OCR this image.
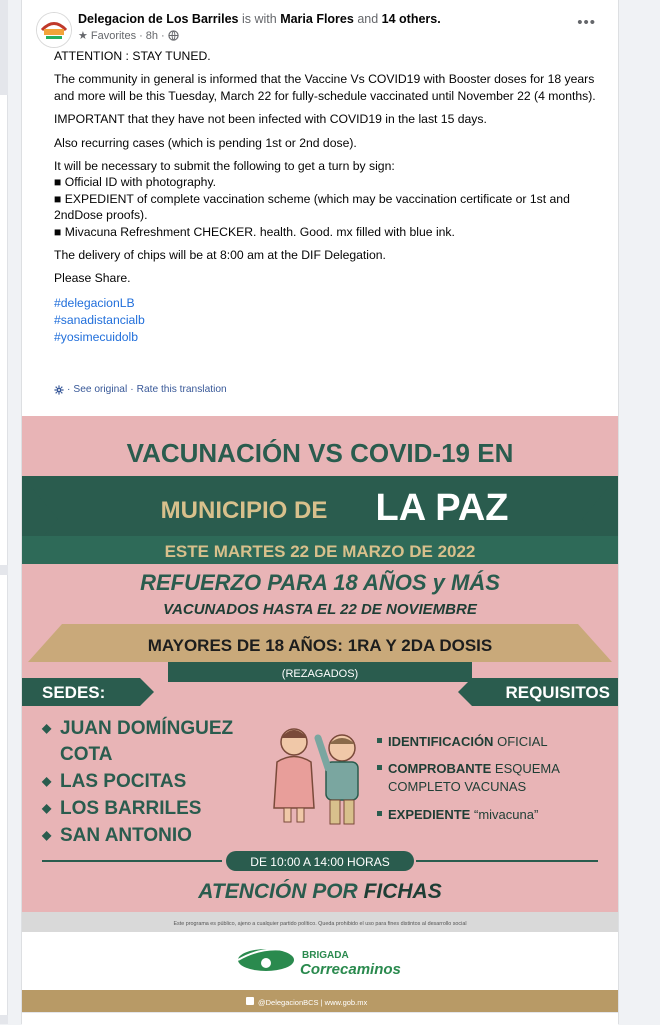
Delegacion de Los Barriles is with Maria Flores and 14 others.
★ Favorites · 8h ·
•••

ATTENTION : STAY TUNED.

The community in general is informed that the Vaccine Vs COVID19 with Booster doses for 18 years and more will be this Tuesday, March 22 for fully-schedule vaccinated until November 22 (4 months).

IMPORTANT that they have not been infected with COVID19 in the last 15 days.

Also recurring cases (which is pending 1st or 2nd dose).

It will be necessary to submit the following to get a turn by sign:

■ Official ID with photography.

■ EXPEDIENT of complete vaccination scheme (which may be vaccination certificate or 1st and 2ndDose proofs).

■ Mivacuna Refreshment CHECKER. health. Good. mx filled with blue ink.

The delivery of chips will be at 8:00 am at the DIF Delegation.

Please Share.

#delegacionLB
#sanadistancialb
#yosimecuidolb
· See original · Rate this translation
VACUNACIÓN VS COVID-19 EN
MUNICIPIO DE LA PAZ
ESTE MARTES 22 DE MARZO DE 2022
REFUERZO PARA 18 AÑOS y MÁS
VACUNADOS HASTA EL 22 DE NOVIEMBRE
MAYORES DE 18 AÑOS: 1RA Y 2DA DOSIS
(REZAGADOS)
SEDES:	REQUISITOS
◆ JUAN DOMÍNGUEZ
COTA
◆ LAS POCITAS
◆ LOS BARRILES
◆ SAN ANTONIO
IDENTIFICACIÓN OFICIAL
COMPROBANTE ESQUEMA
COMPLETO VACUNAS
EXPEDIENTE “mivacuna”
DE 10:00 A 14:00 HORAS
ATENCIÓN POR FICHAS
Este programa es público, ajeno a cualquier partido político. Queda prohibido el uso para fines distintos al desarrollo social
BRIGADA
Correcaminos
@DelegacionBCS | www.gob.mx
